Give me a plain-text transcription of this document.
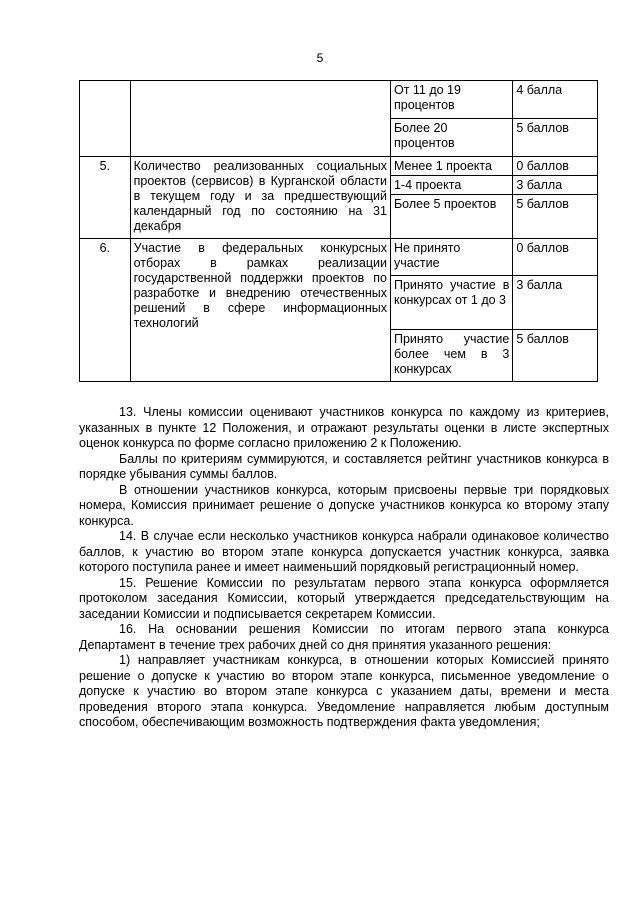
5
		От 11 до 19 процентов	4 балла
		Более 20 процентов	5 баллов
5.	Количество реализованных социальных проектов (сервисов) в Курганской области в текущем году и за предшествующий календарный год по состоянию на 31 декабря	Менее 1 проекта	0 баллов
		1-4 проекта	3 балла
		Более 5 проектов	5 баллов
6.	Участие в федеральных конкурсных отборах в рамках реализации государственной поддержки проектов по разработке и внедрению отечественных решений в сфере информационных технологий	Не принято участие	0 баллов
		Принято участие в конкурсах от 1 до 3	3 балла
		Принято участие более чем в 3 конкурсах	5 баллов

13. Члены комиссии оценивают участников конкурса по каждому из критериев, указанных в пункте 12 Положения, и отражают результаты оценки в листе экспертных оценок конкурса по форме согласно приложению 2 к Положению.

Баллы по критериям суммируются, и составляется рейтинг участников конкурса в порядке убывания суммы баллов.

В отношении участников конкурса, которым присвоены первые три порядковых номера, Комиссия принимает решение о допуске участников конкурса ко второму этапу конкурса.

14. В случае если несколько участников конкурса набрали одинаковое количество баллов, к участию во втором этапе конкурса допускается участник конкурса, заявка которого поступила ранее и имеет наименьший порядковый регистрационный номер.

15. Решение Комиссии по результатам первого этапа конкурса оформляется протоколом заседания Комиссии, который утверждается председательствующим на заседании Комиссии и подписывается секретарем Комиссии.

16. На основании решения Комиссии по итогам первого этапа конкурса Департамент в течение трех рабочих дней со дня принятия указанного решения:

1) направляет участникам конкурса, в отношении которых Комиссией принято решение о допуске к участию во втором этапе конкурса, письменное уведомление о допуске к участию во втором этапе конкурса с указанием даты, времени и места проведения второго этапа конкурса. Уведомление направляется любым доступным способом, обеспечивающим возможность подтверждения факта уведомления;
